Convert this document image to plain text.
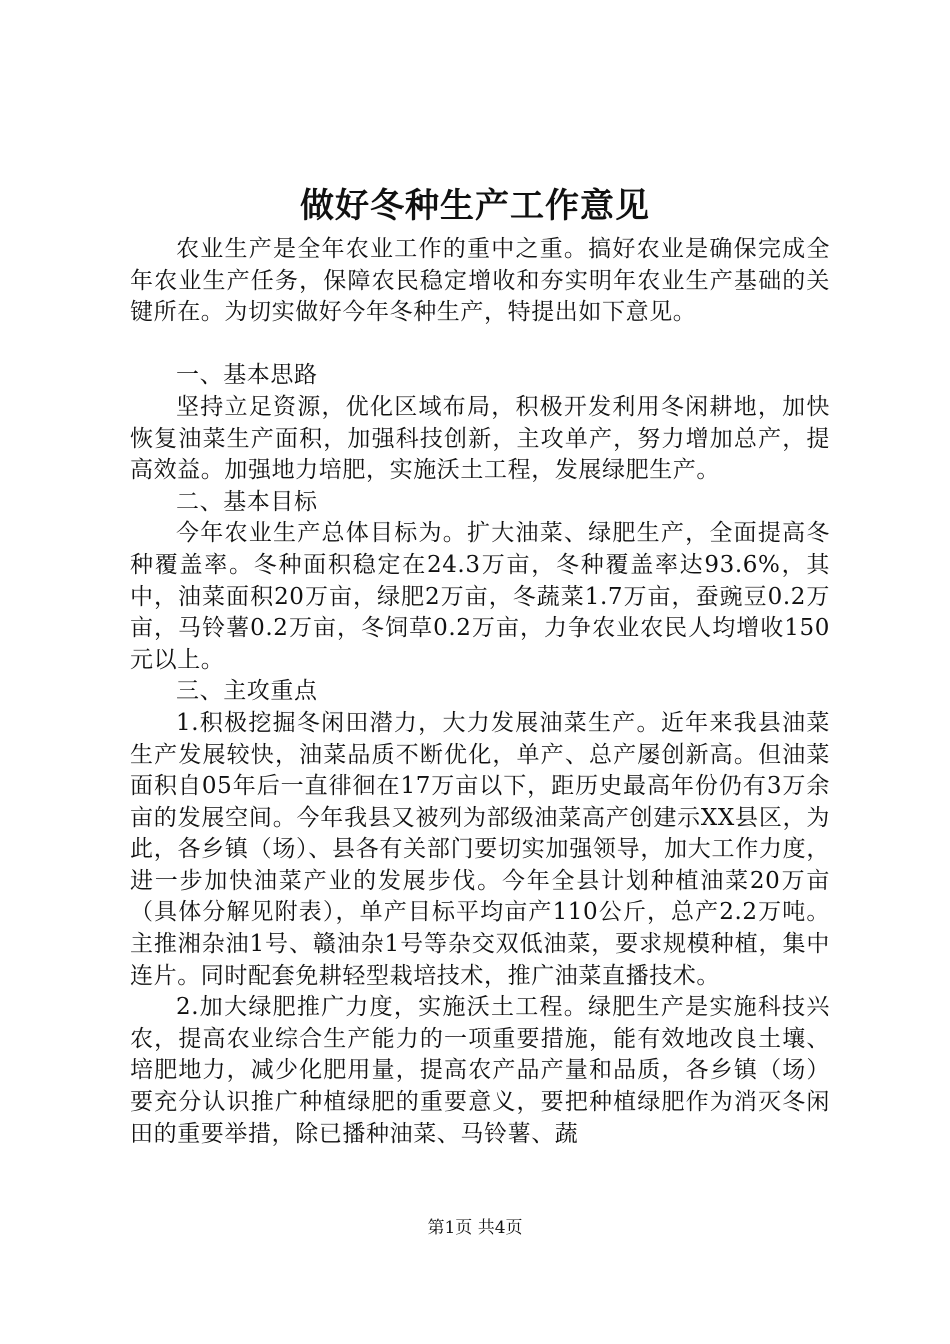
做好冬种生产工作意见

农业生产是全年农业工作的重中之重。搞好农业是确保完成全年农业生产任务，保障农民稳定增收和夯实明年农业生产基础的关键所在。为切实做好今年冬种生产，特提出如下意见。

一、基本思路

坚持立足资源，优化区域布局，积极开发利用冬闲耕地，加快恢复油菜生产面积，加强科技创新，主攻单产，努力增加总产，提高效益。加强地力培肥，实施沃土工程，发展绿肥生产。

二、基本目标

今年农业生产总体目标为。扩大油菜、绿肥生产，全面提高冬种覆盖率。冬种面积稳定在24.3万亩，冬种覆盖率达93.6%，其中，油菜面积20万亩，绿肥2万亩，冬蔬菜1.7万亩，蚕豌豆0.2万亩，马铃薯0.2万亩，冬饲草0.2万亩，力争农业农民人均增收150元以上。

三、主攻重点

1.积极挖掘冬闲田潜力，大力发展油菜生产。近年来我县油菜生产发展较快，油菜品质不断优化，单产、总产屡创新高。但油菜面积自05年后一直徘徊在17万亩以下，距历史最高年份仍有3万余亩的发展空间。今年我县又被列为部级油菜高产创建示XX县区，为此，各乡镇（场）、县各有关部门要切实加强领导，加大工作力度，进一步加快油菜产业的发展步伐。今年全县计划种植油菜20万亩（具体分解见附表），单产目标平均亩产110公斤，总产2.2万吨。主推湘杂油1号、赣油杂1号等杂交双低油菜，要求规模种植，集中连片。同时配套免耕轻型栽培技术，推广油菜直播技术。

2.加大绿肥推广力度，实施沃土工程。绿肥生产是实施科技兴农，提高农业综合生产能力的一项重要措施，能有效地改良土壤、培肥地力，减少化肥用量，提高农产品产量和品质，各乡镇（场）要充分认识推广种植绿肥的重要意义，要把种植绿肥作为消灭冬闲田的重要举措，除已播种油菜、马铃薯、蔬

第1页 共4页
